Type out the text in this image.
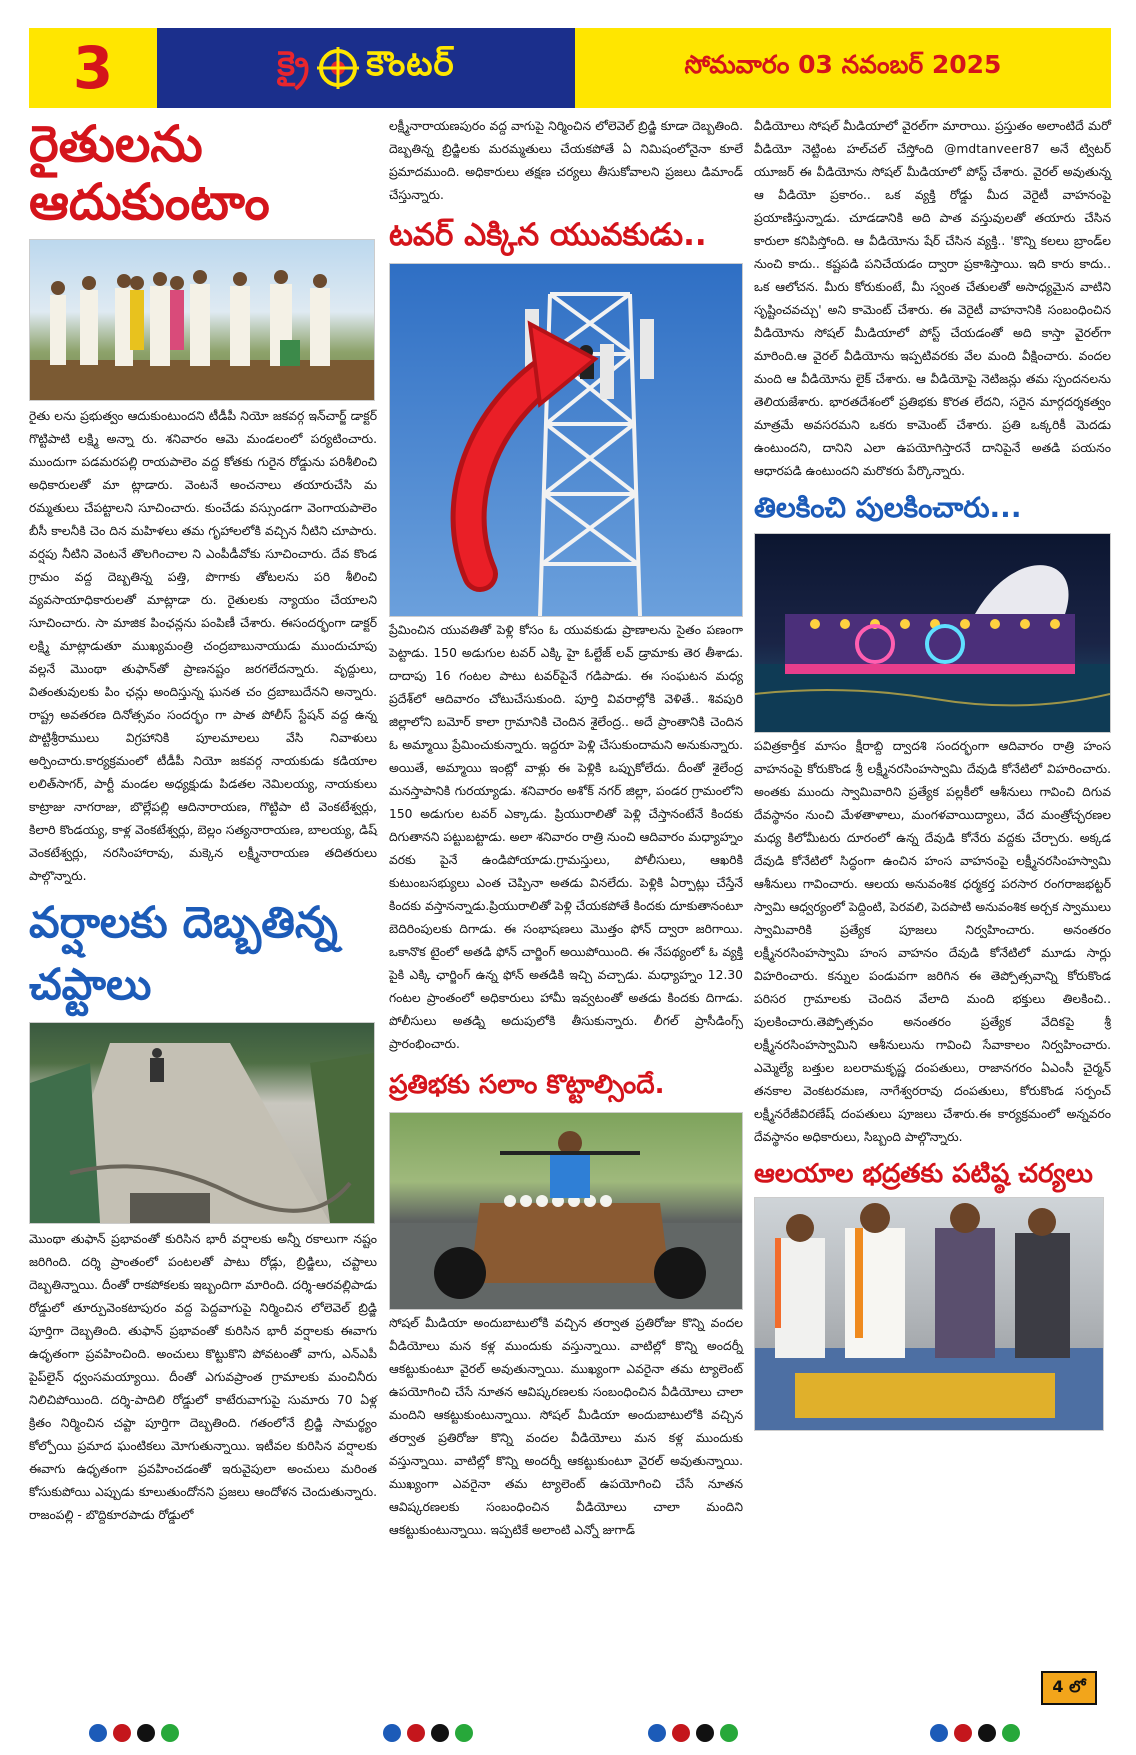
3	క్రై కౌంటర్	సోమవారం 03 నవంబర్ 2025
రైతులను ఆదుకుంటాం

రైతు లను ప్రభుత్వం ఆదుకుంటుందని టీడీపీ నియో జకవర్గ ఇన్‌చార్జ్ డాక్టర్ గొట్టిపాటి లక్ష్మి అన్నా రు. శనివారం ఆమె మండలంలో పర్యటించారు. ముందుగా పడమరపల్లి రాయపాలెం వద్ద కోతకు గురైన రోడ్డును పరిశీలించి అధికారులతో మా ట్లాడారు. వెంటనే అంచనాలు తయారుచేసి మ రమ్మతులు చేపట్టాలని సూచించారు. కుంచేడు వస్సుండగా వెంగాయపాలెం బీసీ కాలనీకి చెం దిన మహిళలు తమ గృహాలలోకి వచ్చిన నీటిని చూపారు. వర్షపు నీటిని వెంటనే తొలగించాల ని ఎంపీడీవోకు సూచించారు. దేవ కొండ గ్రామం వద్ద దెబ్బతిన్న పత్తి, పొగాకు తోటలను పరి శీలించి వ్యవసాయాధికారులతో మాట్లాడా రు. రైతులకు న్యాయం చేయాలని సూచించారు. సా మాజిక పింఛన్లను పంపిణీ చేశారు. ఈసందర్భంగా డాక్టర్ లక్ష్మి మాట్లాడుతూ ముఖ్యమంత్రి చంద్రబాబునాయుడు ముందుచూపు వల్లనే మొంథా తుఫాన్‌తో ప్రాణనష్టం జరగలేదన్నారు. వృద్దులు, వితంతువులకు పిం ఛన్లు అందిస్తున్న ఘనత చం ద్రబాబుదేనని అన్నారు. రాష్ట్ర అవతరణ దినోత్సవం సందర్భం గా పాత పోలీస్ స్టేషన్ వద్ద ఉన్న పొట్టిశ్రీరాములు విగ్రహానికి పూలమాలలు వేసి నివాళులు అర్పించారు.కార్యక్రమంలో టీడీపీ నియో జకవర్గ నాయకుడు కడియాల లలిత్‌సాగర్, పార్టీ మండల అధ్యక్షుడు పిడతల నెమిలయ్య, నాయకులు కాట్రాజు నాగరాజు, బొల్లేపల్లి ఆదినారాయణ, గొట్టిపా టి వెంకటేశ్వర్లు, కిలారి కొండయ్య, కాళ్ల వెంకటేశ్వర్లు, బెల్లం సత్యనారాయణ, బాలయ్య, డిష్ వెంకటేశ్వర్లు, నరసింహారావు, మక్కెన లక్ష్మీనారాయణ తదితరులు పాల్గొన్నారు.

వర్షాలకు దెబ్బతిన్న చప్టాలు

మొంథా తుఫాన్ ప్రభావంతో కురిసిన భారీ వర్షాలకు అన్నీ రకాలుగా నష్టం జరిగింది. దర్శి ప్రాంతంలో పంటలతో పాటు రోడ్లు, బ్రిడ్జిలు, చప్టాలు దెబ్బతిన్నాయి. దీంతో రాకపోకలకు ఇబ్బందిగా మారింది. దర్శి-ఆరవల్లిపాడు రోడ్డులో తూర్పువెంకటాపురం వద్ద పెద్దవాగుపై నిర్మించిన లోలెవెల్ బ్రిడ్జి పూర్తిగా దెబ్బతింది. తుఫాన్ ప్రభావంతో కురిసిన భారీ వర్షాలకు ఈవాగు ఉధృతంగా ప్రవహించింది. అంచులు కొట్టుకొని పోవటంతో వాగు, ఎన్‌ఎపీ పైప్‌లైన్ ధ్వంసమయ్యాయి. దీంతో ఎగువప్రాంత గ్రామాలకు మంచినీరు నిలిచిపోయింది. దర్శి-పాదిలి రోడ్డులో కాటేరువాగుపై సుమారు 70 ఏళ్ల క్రితం నిర్మించిన చప్టా పూర్తిగా దెబ్బతింది. గతంలోనే బ్రిడ్జి సామర్థ్యం కోల్పోయి ప్రమాద ఘంటికలు మోగుతున్నాయి. ఇటీవల కురిసిన వర్షాలకు ఈవాగు ఉధృతంగా ప్రవహించడంతో ఇరువైపులా అంచులు మరింత కోసుకుపోయి ఎప్పుడు కూలుతుందోనని ప్రజలు ఆందోళన చెందుతున్నారు. రాజంపల్లి - బొద్దికూరపాడు రోడ్డులో

లక్ష్మీనారాయణపురం వద్ద వాగుపై నిర్మించిన లోలెవెల్ బ్రిడ్జి కూడా దెబ్బతింది. దెబ్బతిన్న బ్రిడ్జిలకు మరమ్మతులు చేయకపోతే ఏ నిమిషంలోనైనా కూలే ప్రమాదముంది. అధికారులు తక్షణ చర్యలు తీసుకోవాలని ప్రజలు డిమాండ్ చేస్తున్నారు.

టవర్ ఎక్కిన యువకుడు..

ప్రేమించిన యువతితో పెళ్లి కోసం ఓ యువకుడు ప్రాణాలను సైతం పణంగా పెట్టాడు. 150 అడుగుల టవర్ ఎక్కి హై ఓల్టేజ్ లవ్ డ్రామాకు తెర తీశాడు. దాదాపు 16 గంటల పాటు టవర్‌పైనే గడిపాడు. ఈ సంఘటన మధ్య ప్రదేశ్‌లో ఆదివారం చోటుచేసుకుంది. పూర్తి వివరాల్లోకి వెళితే.. శివపురి జిల్లాలోని బమోర్ కాలా గ్రామానికి చెందిన శైలేంద్ర.. అదే ప్రాంతానికి చెందిన ఓ అమ్మాయి ప్రేమించుకున్నారు. ఇద్దరూ పెళ్లి చేసుకుందామని అనుకున్నారు. అయితే, అమ్మాయి ఇంట్లో వాళ్లు ఈ పెళ్లికి ఒప్పుకోలేదు. దీంతో శైలేంద్ర మనస్తాపానికి గురయ్యాడు. శనివారం అశోక్ నగర్ జిల్లా, పండర గ్రామంలోని 150 అడుగుల టవర్ ఎక్కాడు. ప్రియురాలితో పెళ్లి చేస్తానంటేనే కిందకు దిగుతానని పట్టుబట్టాడు. అలా శనివారం రాత్రి నుంచి ఆదివారం మధ్యాహ్నం వరకు పైనే ఉండిపోయాడు.గ్రామస్తులు, పోలీసులు, ఆఖరికి కుటుంబసభ్యులు ఎంత చెప్పినా అతడు వినలేదు. పెళ్లికి ఏర్పాట్లు చేస్తేనే కిందకు వస్తానన్నాడు.ప్రియురాలితో పెళ్లి చేయకపోతే కిందకు దూకుతానంటూ బెదిరింపులకు దిగాడు. ఈ సంభాషణలు మొత్తం ఫోన్ ద్వారా జరిగాయి. ఒకానొక టైంలో అతడి ఫోన్ చార్జింగ్ అయిపోయింది. ఈ నేపథ్యంలో ఓ వ్యక్తి పైకి ఎక్కి ఛార్జింగ్ ఉన్న ఫోన్ అతడికి ఇచ్చి వచ్చాడు. మధ్యాహ్నం 12.30 గంటల ప్రాంతంలో అధికారులు హామీ ఇవ్వటంతో అతడు కిందకు దిగాడు. పోలీసులు అతడ్ని అదుపులోకి తీసుకున్నారు. లీగల్ ప్రాసీడింగ్స్ ప్రారంభించారు.

ప్రతిభకు సలాం కొట్టాల్సిందే.

సోషల్ మీడియా అందుబాటులోకి వచ్చిన తర్వాత ప్రతిరోజు కొన్ని వందల వీడియోలు మన కళ్ల ముందుకు వస్తున్నాయి. వాటిల్లో కొన్ని అందర్నీ ఆకట్టుకుంటూ వైరల్ అవుతున్నాయి. ముఖ్యంగా ఎవరైనా తమ ట్యాలెంట్ ఉపయోగించి చేసే నూతన ఆవిష్కరణలకు సంబంధించిన వీడియోలు చాలా మందిని ఆకట్టుకుంటున్నాయి. సోషల్ మీడియా అందుబాటులోకి వచ్చిన తర్వాత ప్రతిరోజు కొన్ని వందల వీడియోలు మన కళ్ల ముందుకు వస్తున్నాయి. వాటిల్లో కొన్ని అందర్నీ ఆకట్టుకుంటూ వైరల్ అవుతున్నాయి. ముఖ్యంగా ఎవరైనా తమ ట్యాలెంట్ ఉపయోగించి చేసే నూతన ఆవిష్కరణలకు సంబంధించిన వీడియోలు చాలా మందిని ఆకట్టుకుంటున్నాయి. ఇప్పటికే అలాంటి ఎన్నో జుగాడ్

వీడియోలు సోషల్ మీడియాలో వైరల్‌గా మారాయి. ప్రస్తుతం అలాంటిదే మరో వీడియో నెట్టింట హల్‌చల్ చేస్తోంది @mdtanveer87 అనే ట్విటర్ యూజర్ ఈ వీడియోను సోషల్ మీడియాలో పోస్ట్ చేశారు. వైరల్ అవుతున్న ఆ వీడియో ప్రకారం.. ఒక వ్యక్తి రోడ్డు మీద వెరైటీ వాహనంపై ప్రయాణిస్తున్నాడు. చూడడానికి అది పాత వస్తువులతో తయారు చేసిన కారులా కనిపిస్తోంది. ఆ వీడియోను షేర్ చేసిన వ్యక్తి.. 'కొన్ని కలలు బ్రాండ్‌ల నుంచి కాదు.. కష్టపడి పనిచేయడం ద్వారా ప్రకాశిస్తాయి. ఇది కారు కాదు.. ఒక ఆలోచన. మీరు కోరుకుంటే, మీ స్వంత చేతులతో అసాధ్యమైన వాటిని సృష్టించవచ్చు' అని కామెంట్ చేశారు. ఈ వెరైటీ వాహనానికి సంబంధించిన వీడియోను సోషల్ మీడియాలో పోస్ట్ చేయడంతో అది కాస్తా వైరల్‌గా మారింది.ఆ వైరల్ వీడియోను ఇప్పటివరకు వేల మంది వీక్షించారు. వందల మంది ఆ వీడియోను లైక్ చేశారు. ఆ వీడియోపై నెటిజన్లు తమ స్పందనలను తెలియజేశారు. భారతదేశంలో ప్రతిభకు కొరత లేదని, సరైన మార్గదర్శకత్వం మాత్రమే అవసరమని ఒకరు కామెంట్ చేశారు. ప్రతి ఒక్కరికీ మెదడు ఉంటుందని, దానిని ఎలా ఉపయోగిస్తారనే దానిపైనే అతడి పయనం ఆధారపడి ఉంటుందని మరొకరు పేర్కొన్నారు.

తిలకించి పులకించారు...

పవిత్రకార్తీక మాసం క్షీరాబ్ది ద్వాదశి సందర్భంగా ఆదివారం రాత్రి హంస వాహనంపై కోరుకొండ శ్రీ లక్ష్మీనరసింహస్వామి దేవుడి కోనేటిలో విహరించారు. అంతకు ముందు స్వామివారిని ప్రత్యేక పల్లకీలో ఆశీనులు గావించి దిగువ దేవస్థానం నుంచి మేళతాళాలు, మంగళవాయిద్యాలు, వేద మంత్రోచ్ఛరణల మధ్య కిలోమీటరు దూరంలో ఉన్న దేవుడి కోనేరు వద్దకు చేర్చారు. అక్కడ దేవుడి కోనేటిలో సిద్ధంగా ఉంచిన హంస వాహనంపై లక్ష్మీనరసింహస్వామి ఆశీనులు గావించారు. ఆలయ అనువంశిక ధర్మకర్త పరసార రంగరాజభట్టర్ స్వామి ఆధ్వర్యంలో పెద్దింటి, పెరవలి, పెదపాటి అనువంశిక అర్చక స్వాములు స్వామివారికి ప్రత్యేక పూజలు నిర్వహించారు. అనంతరం లక్ష్మీనరసింహస్వామి హంస వాహనం దేవుడి కోనేటిలో మూడు సార్లు విహరించారు. కన్నుల పండువగా జరిగిన ఈ తెప్పోత్సవాన్ని కోరుకొండ పరిసర గ్రామాలకు చెందిన వేలాది మంది భక్తులు తిలకించి.. పులకించారు.తెప్పోత్సవం అనంతరం ప్రత్యేక వేదికపై శ్రీ లక్ష్మీనరసింహస్వామిని ఆశీనులును గావించి సేవాకాలం నిర్వహించారు. ఎమ్మెల్యే బత్తుల బలరామకృష్ణ దంపతులు, రాజానగరం ఏఎంసీ చైర్మన్ తనకాల వెంకటరమణ, నాగేశ్వరరావు దంపతులు, కోరుకొండ సర్పంచ్ లక్ష్మీనరేజీవిరణేష్ దంపతులు పూజలు చేశారు.ఈ కార్యక్రమంలో అన్నవరం దేవస్థానం అధికారులు, సిబ్బంది పాల్గొన్నారు.

ఆలయాల భద్రతకు పటిష్ఠ చర్యలు
4 లో
